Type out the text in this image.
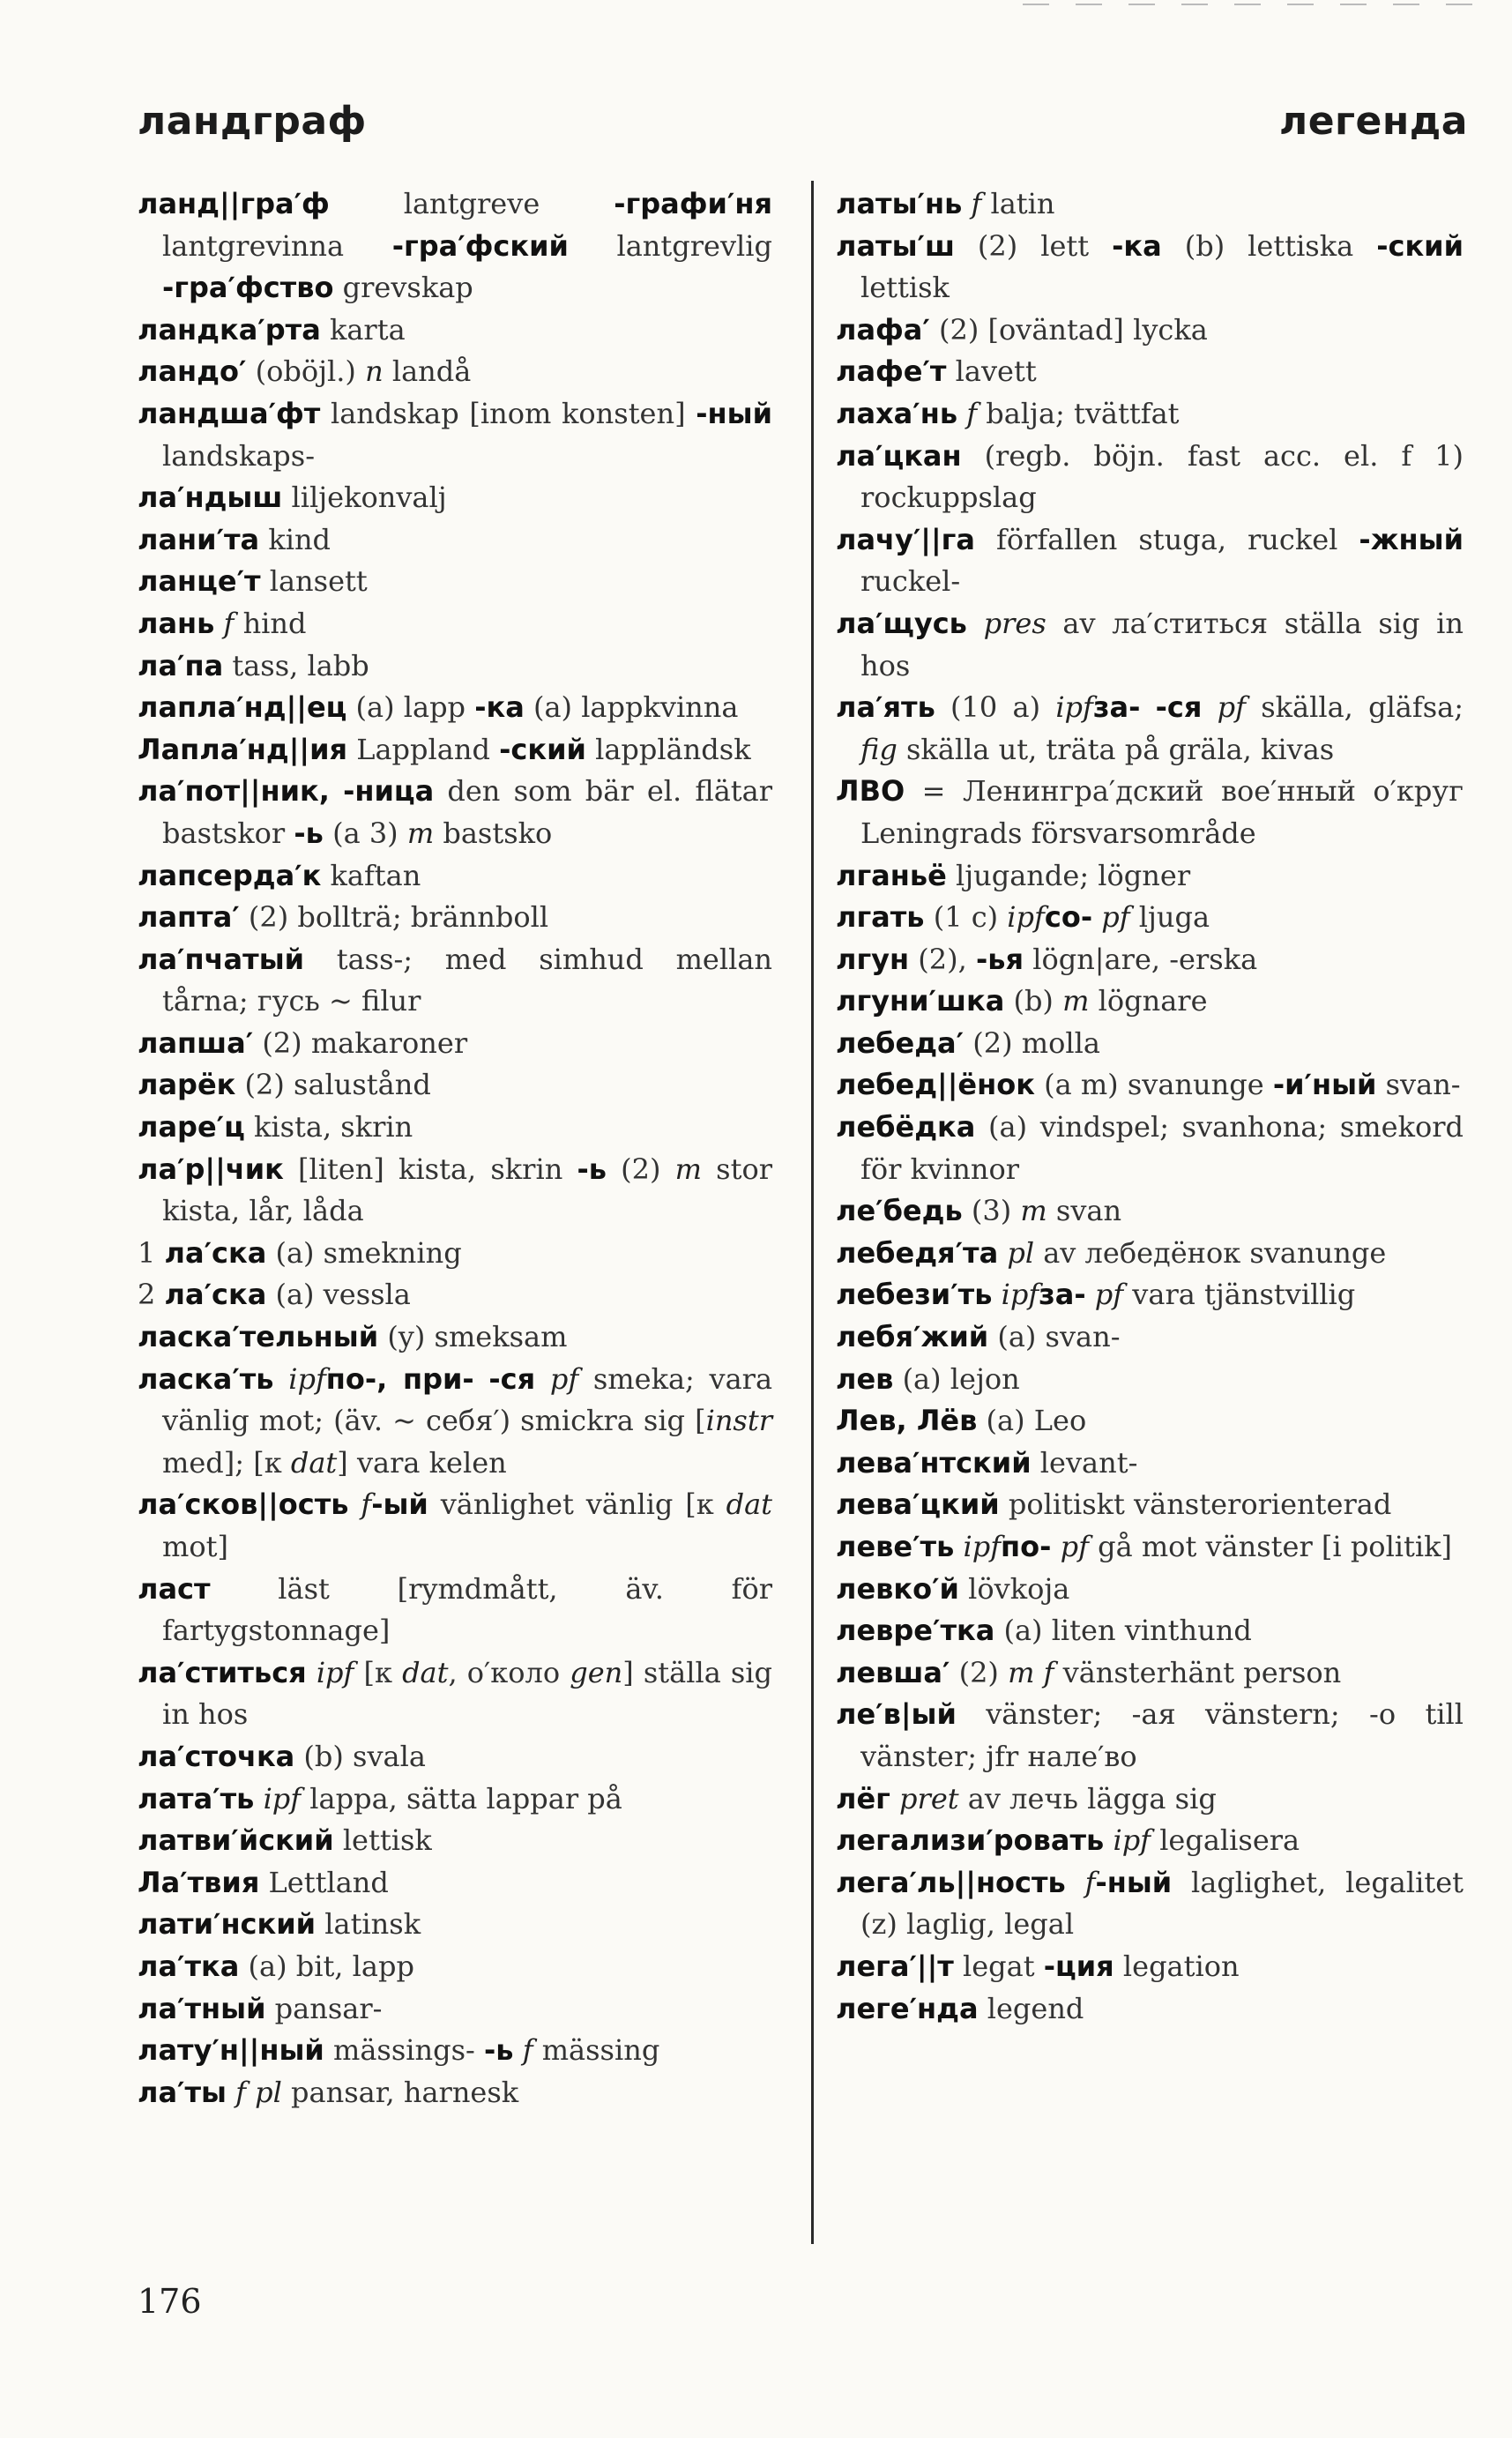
ландграф	легенда

ланд||гра′ф lantgreve -графи′ня lantgrevinna -гра′фский lantgrevlig -гра′фство grevskap

ландка′рта karta

ландо′ (oböjl.) n landå

ландша′фт landskap [inom konsten] -ный landskaps-

ла′ндыш liljekonvalj

лани′та kind

ланце′т lansett

лань f hind

ла′па tass, labb

лапла′нд||ец (a) lapp -ка (a) lappkvinna

Лапла′нд||ия Lappland -ский lappländsk

ла′пот||ник, -ница den som bär el. flätar bastskor -ь (a 3) m bastsko

лапсерда′к kaftan

лапта′ (2) bollträ; brännboll

ла′пчатый tass-; med simhud mellan tårna; гусь ~ filur

лапша′ (2) makaroner

ларёк (2) salustånd

ларе′ц kista, skrin

ла′р||чик [liten] kista, skrin -ь (2) m stor kista, lår, låda

1 ла′ска (a) smekning

2 ла′ска (a) vessla

ласка′тельный (y) smeksam

ласка′ть ipfпо-, при- -ся pf smeka; vara vänlig mot; (äv. ~ себя′) smickra sig [instr med]; [к dat] vara kelen

ла′сков||ость f-ый vänlighet vänlig [к dat mot]

ласт läst [rymdmått, äv. för fartygstonnage]

ла′ститься ipf [к dat, о′коло gen] ställa sig in hos

ла′сточка (b) svala

лата′ть ipf lappa, sätta lappar på

латви′йский lettisk

Ла′твия Lettland

лати′нский latinsk

ла′тка (a) bit, lapp

ла′тный pansar-

лату′н||ный mässings- -ь f mässing

ла′ты f pl pansar, harnesk

латы′нь f latin

латы′ш (2) lett -ка (b) lettiska -ский lettisk

лафа′ (2) [oväntad] lycka

лафе′т lavett

лаха′нь f balja; tvättfat

ла′цкан (regb. böjn. fast acc. el. f 1) rockuppslag

лачу′||га förfallen stuga, ruckel -жный ruckel-

ла′щусь pres av ла′ститься ställa sig in hos

ла′ять (10 a) ipfза- -ся pf skälla, gläfsa; fig skälla ut, träta på gräla, kivas

ЛВО = Ленингра′дский вое′нный о′круг Leningrads försvarsområde

лганьё ljugande; lögner

лгать (1 c) ipfсо- pf ljuga

лгун (2), -ья lögn|are, -erska

лгуни′шка (b) m lögnare

лебеда′ (2) molla

лебед||ёнок (a m) svanunge -и′ный svan-

лебёдка (a) vindspel; svanhona; smekord för kvinnor

ле′бедь (3) m svan

лебедя′та pl av лебедёнок svanunge

лебези′ть ipfза- pf vara tjänstvillig

лебя′жий (a) svan-

лев (a) lejon

Лев, Лёв (a) Leo

лева′нтский levant-

лева′цкий politiskt vänsterorienterad

леве′ть ipfпо- pf gå mot vänster [i politik]

левко′й lövkoja

левре′тка (a) liten vinthund

левша′ (2) m f vänsterhänt person

ле′в|ый vänster; -ая vänstern; -о till vänster; jfr нале′во

лёг pret av лечь lägga sig

легализи′ровать ipf legalisera

лега′ль||ность f-ный laglighet, legalitet (z) laglig, legal

лега′||т legat -ция legation

леге′нда legend

176
